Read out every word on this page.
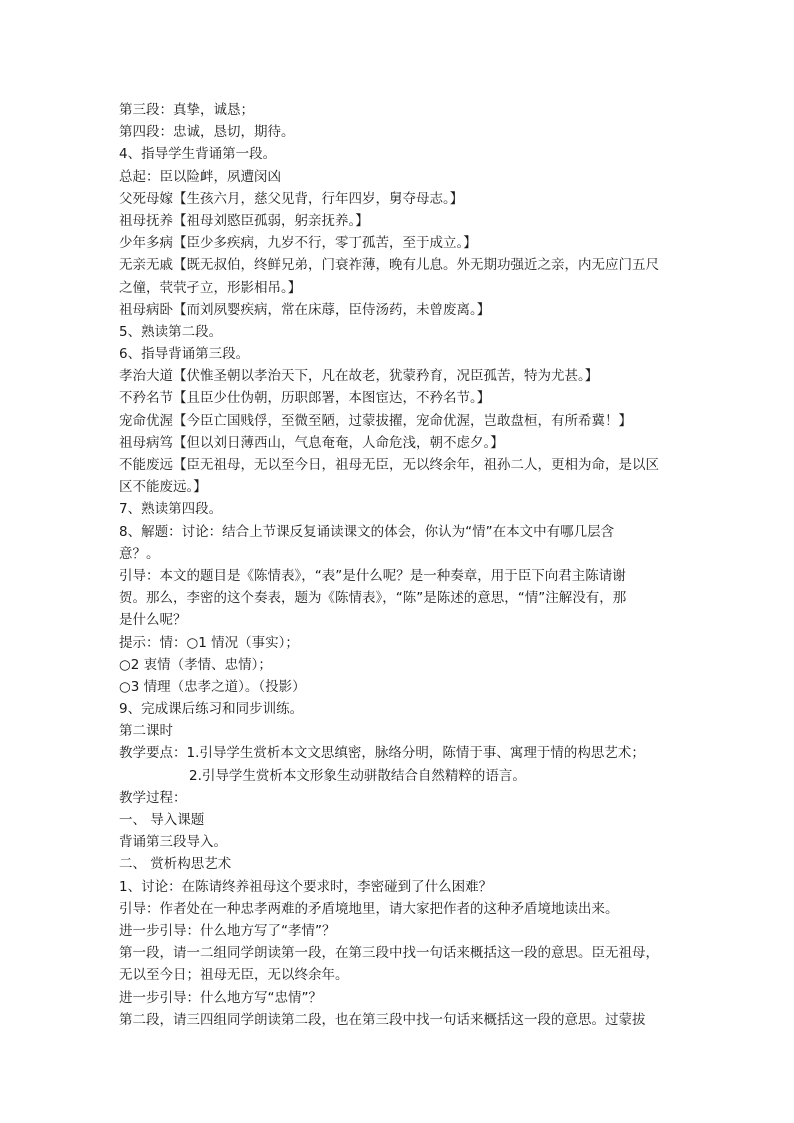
第三段：真挚，诚恳；
第四段：忠诚，恳切，期待。
4、指导学生背诵第一段。
总起：臣以险衅，夙遭闵凶
父死母嫁【生孩六月，慈父见背，行年四岁，舅夺母志。】
祖母抚养【祖母刘愍臣孤弱，躬亲抚养。】
少年多病【臣少多疾病，九岁不行，零丁孤苦，至于成立。】
无亲无戚【既无叔伯，终鲜兄弟，门衰祚薄，晚有儿息。外无期功强近之亲，内无应门五尺
之僮，茕茕孑立，形影相吊。】
祖母病卧【而刘夙婴疾病，常在床蓐，臣侍汤药，未曾废离。】
5、熟读第二段。
6、指导背诵第三段。
孝治大道【伏惟圣朝以孝治天下，凡在故老，犹蒙矜育，况臣孤苦，特为尤甚。】
不矜名节【且臣少仕伪朝，历职郎署，本图宦达，不矜名节。】
宠命优渥【今臣亡国贱俘，至微至陋，过蒙拔擢，宠命优渥，岂敢盘桓，有所希冀！】
祖母病笃【但以刘日薄西山，气息奄奄，人命危浅，朝不虑夕。】
不能废远【臣无祖母，无以至今日，祖母无臣，无以终余年，祖孙二人，更相为命，是以区
区不能废远。】
7、熟读第四段。
8、解题：讨论：结合上节课反复诵读课文的体会，你认为“情”在本文中有哪几层含
意？。
引导：本文的题目是《陈情表》，“表”是什么呢？是一种奏章，用于臣下向君主陈请谢
贺。那么，李密的这个奏表，题为《陈情表》，“陈”是陈述的意思，“情”注解没有，那
是什么呢？
提示：情：○1 情况（事实）；
○2 衷情（孝情、忠情）；
○3 情理（忠孝之道）。（投影）
9、完成课后练习和同步训练。
第二课时
教学要点：1.引导学生赏析本文文思缜密，脉络分明，陈情于事、寓理于情的构思艺术；
2.引导学生赏析本文形象生动骈散结合自然精粹的语言。
教学过程：
一、 导入课题
背诵第三段导入。
二、 赏析构思艺术
1、讨论：在陈请终养祖母这个要求时，李密碰到了什么困难？
引导：作者处在一种忠孝两难的矛盾境地里，请大家把作者的这种矛盾境地读出来。
进一步引导：什么地方写了“孝情”？
第一段，请一二组同学朗读第一段，在第三段中找一句话来概括这一段的意思。臣无祖母，
无以至今日；祖母无臣，无以终余年。
进一步引导：什么地方写“忠情”？
第二段，请三四组同学朗读第二段，也在第三段中找一句话来概括这一段的意思。过蒙拔
